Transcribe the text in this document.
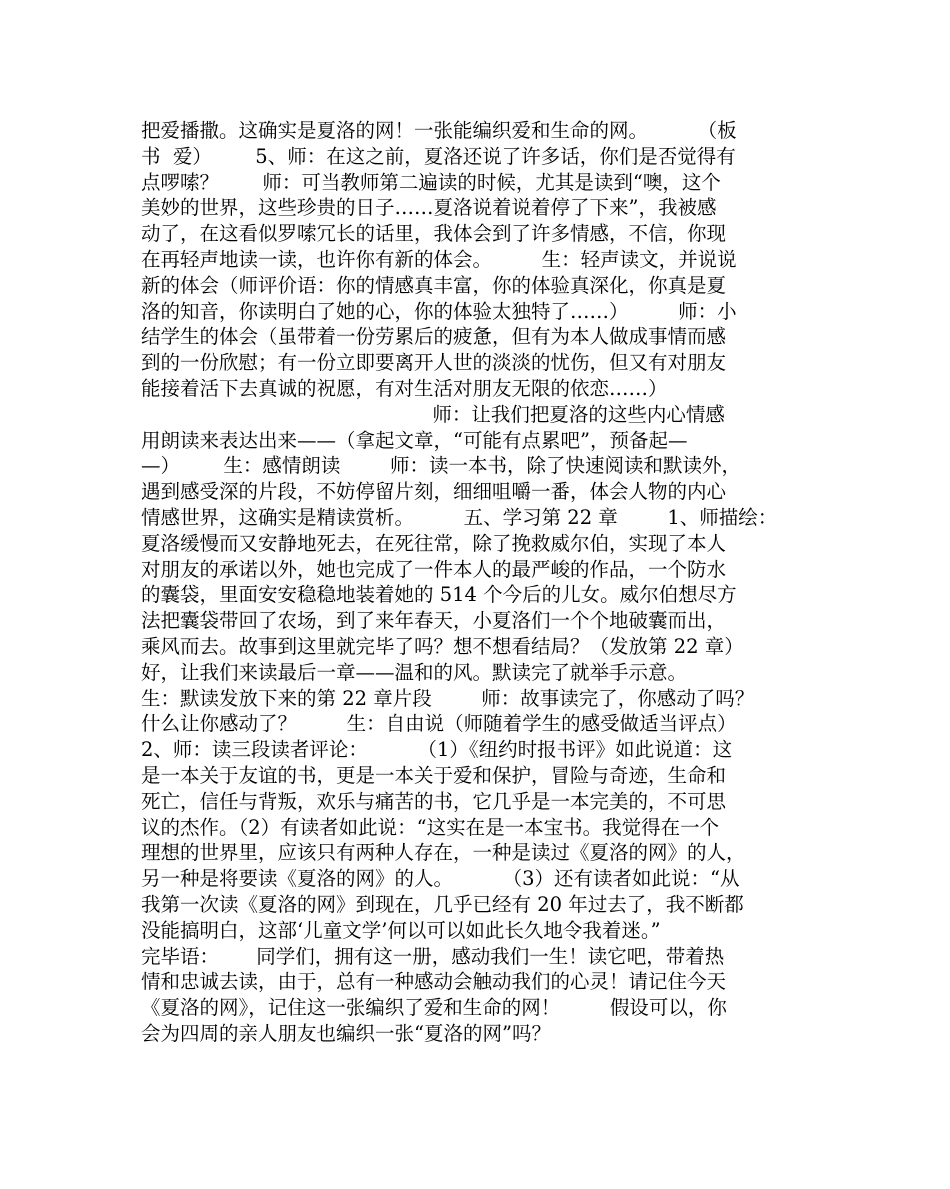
把爱播撒。这确实是夏洛的网！一张能编织爱和生命的网。        （板
书  爱）       5、师：在这之前，夏洛还说了许多话，你们是否觉得有
点啰嗦？       师：可当教师第二遍读的时候，尤其是读到“噢，这个
美妙的世界，这些珍贵的日子……夏洛说着说着停了下来”，我被感
动了，在这看似罗嗦冗长的话里，我体会到了许多情感，不信，你现
在再轻声地读一读，也许你有新的体会。        生：轻声读文，并说说
新的体会（师评价语：你的情感真丰富，你的体验真深化，你真是夏
洛的知音，你读明白了她的心，你的体验太独特了……）        师：小
结学生的体会（虽带着一份劳累后的疲惫，但有为本人做成事情而感
到的一份欣慰；有一份立即要离开人世的淡淡的忧伤，但又有对朋友
能接着活下去真诚的祝愿，有对生活对朋友无限的依恋……）
师：让我们把夏洛的这些内心情感
用朗读来表达出来——（拿起文章，“可能有点累吧”，预备起—
—）       生：感情朗读        师：读一本书，除了快速阅读和默读外，
遇到感受深的片段，不妨停留片刻，细细咀嚼一番，体会人物的内心
情感世界，这确实是精读赏析。        五、学习第 22 章        1、师描绘：
夏洛缓慢而又安静地死去，在死往常，除了挽救威尔伯，实现了本人
对朋友的承诺以外，她也完成了一件本人的最严峻的作品，一个防水
的囊袋，里面安安稳稳地装着她的 514 个今后的儿女。威尔伯想尽方
法把囊袋带回了农场，到了来年春天，小夏洛们一个个地破囊而出，
乘风而去。故事到这里就完毕了吗？想不想看结局？（发放第 22 章）
好，让我们来读最后一章——温和的风。默读完了就举手示意。
生：默读发放下来的第 22 章片段        师：故事读完了，你感动了吗？
什么让你感动了？        生：自由说（师随着学生的感受做适当评点）
2、师：读三段读者评论：        （1）《纽约时报书评》如此说道：这
是一本关于友谊的书，更是一本关于爱和保护，冒险与奇迹，生命和
死亡，信任与背叛，欢乐与痛苦的书，它几乎是一本完美的，不可思
议的杰作。（2）有读者如此说：“这实在是一本宝书。我觉得在一个
理想的世界里，应该只有两种人存在，一种是读过《夏洛的网》的人，
另一种是将要读《夏洛的网》的人。        （3）还有读者如此说：“从
我第一次读《夏洛的网》到现在，几乎已经有 20 年过去了，我不断都
没能搞明白，这部‘儿童文学’何以可以如此长久地令我着迷。”
完毕语：      同学们，拥有这一册，感动我们一生！读它吧，带着热
情和忠诚去读，由于，总有一种感动会触动我们的心灵！请记住今天
《夏洛的网》，记住这一张编织了爱和生命的网！        假设可以，你
会为四周的亲人朋友也编织一张“夏洛的网”吗？
